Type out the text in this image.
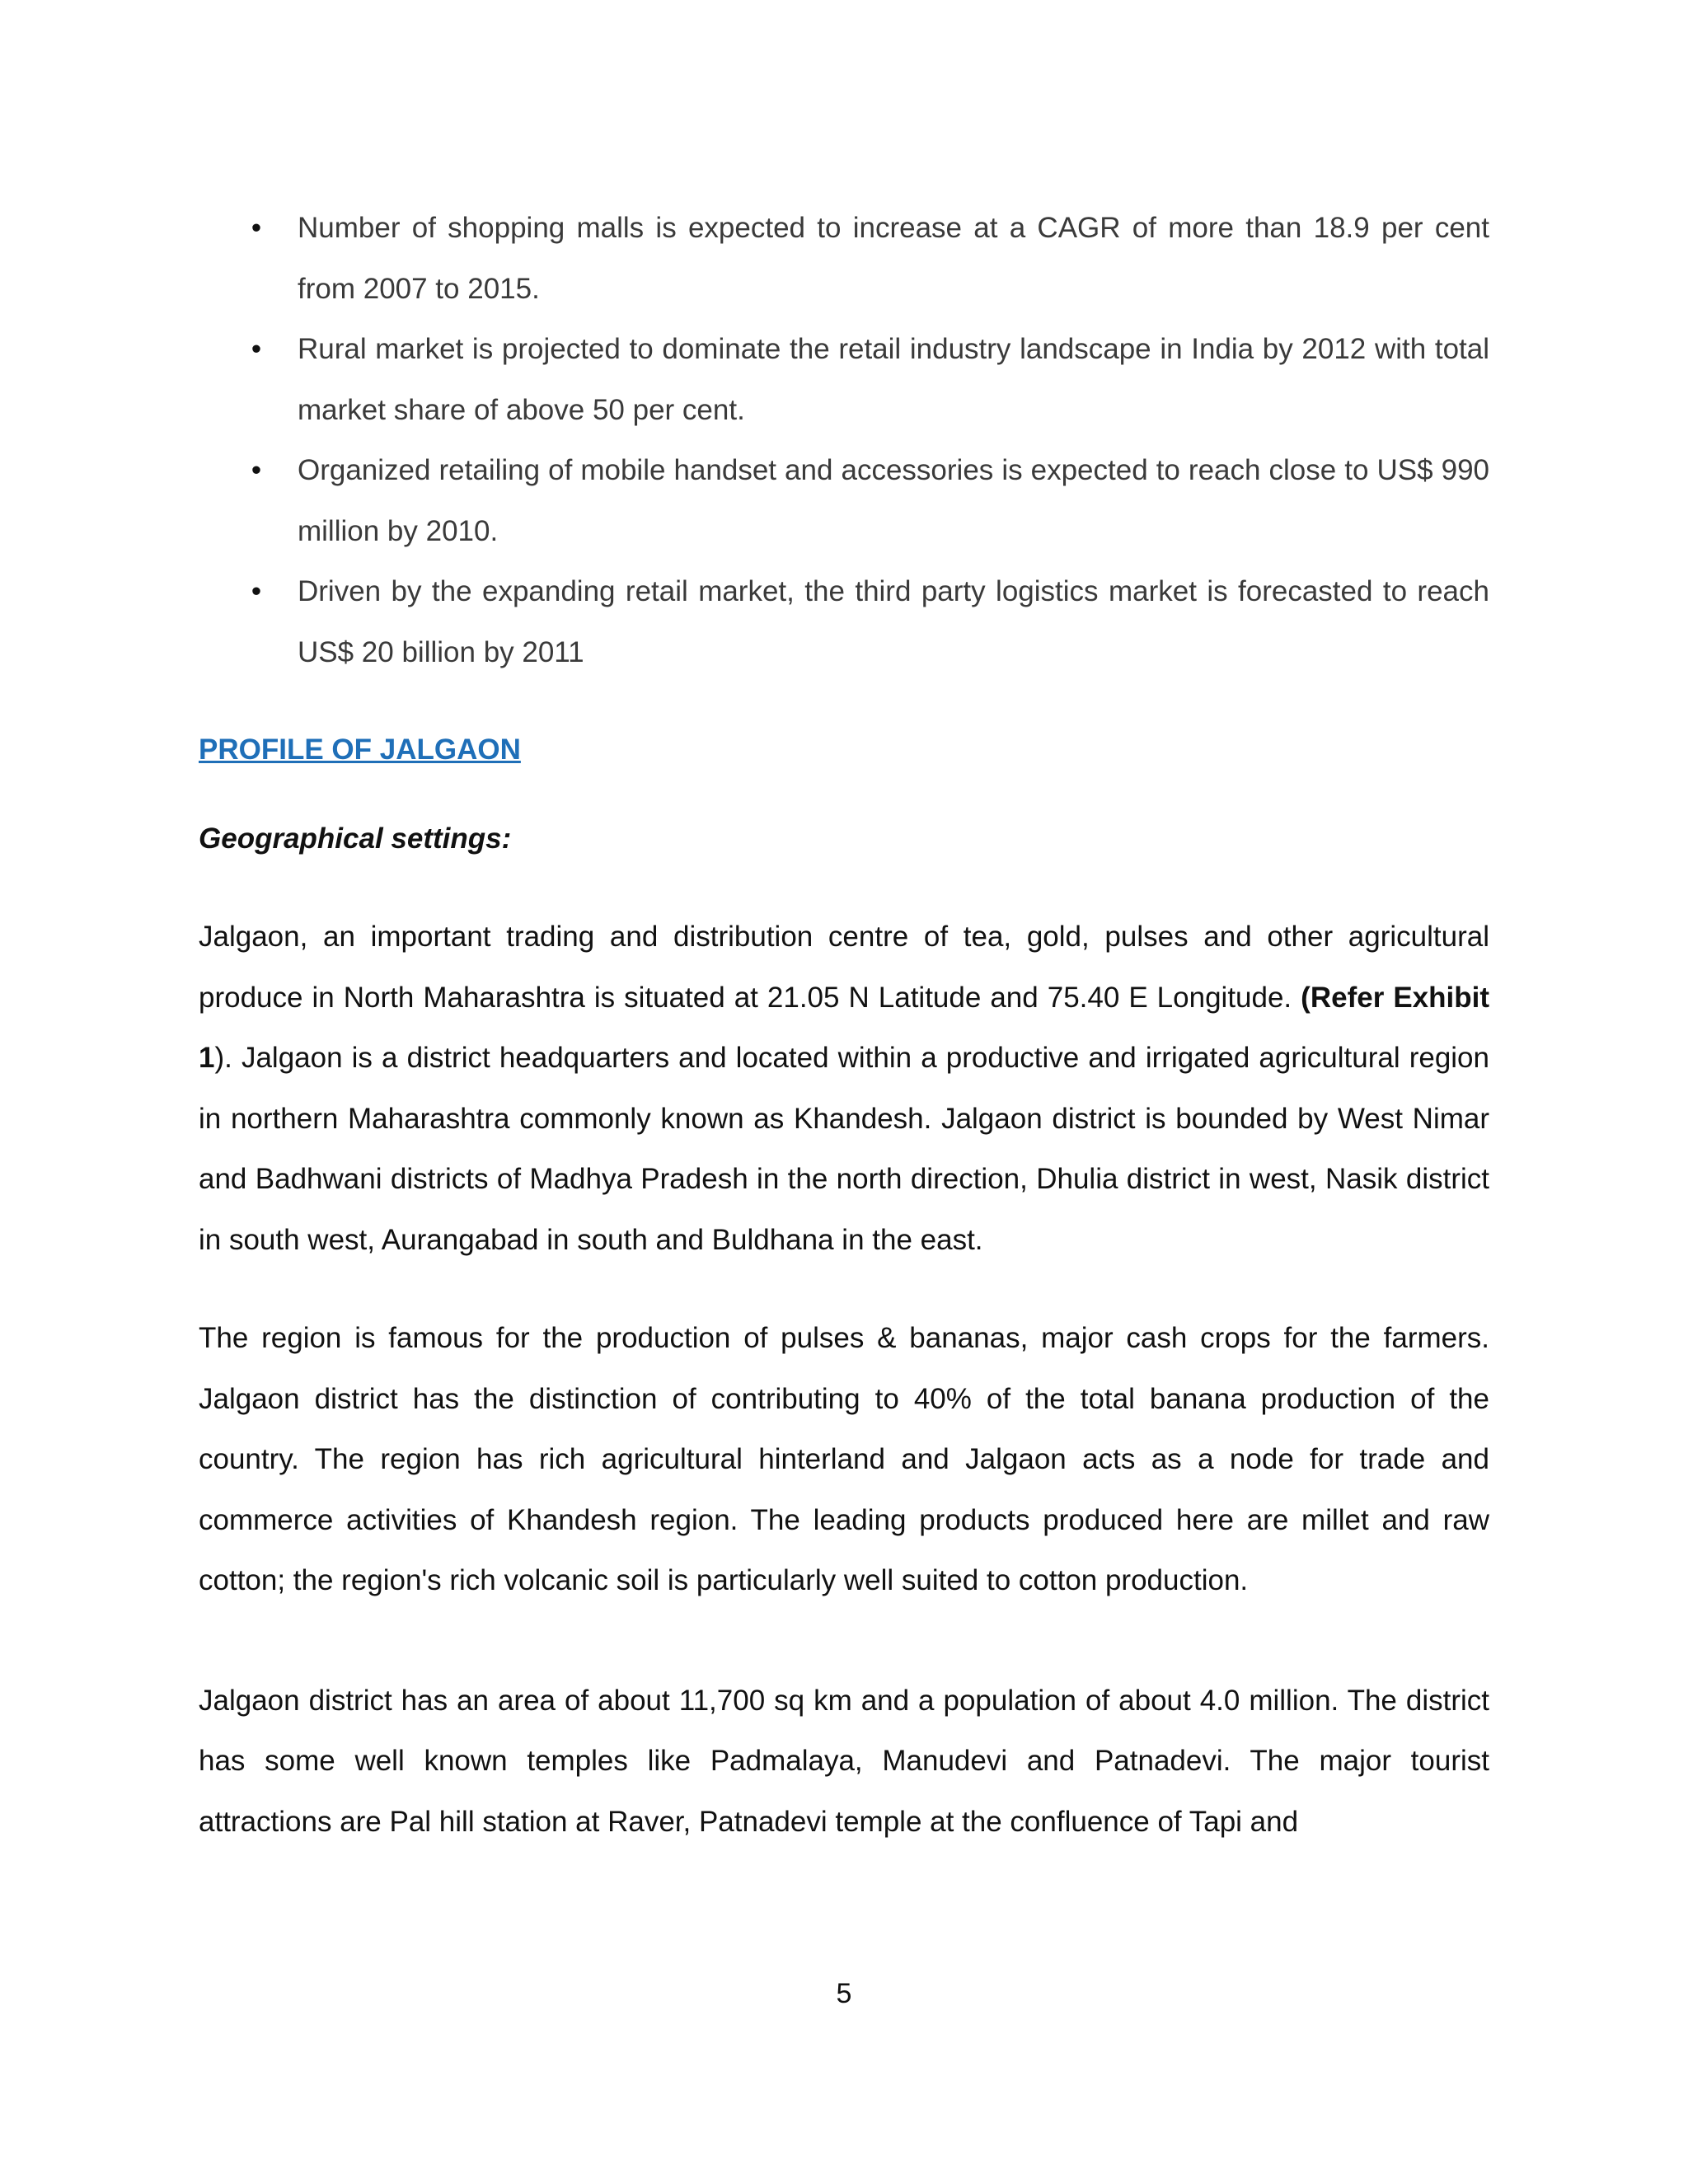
• Number of shopping malls is expected to increase at a CAGR of more than 18.9 per cent from 2007 to 2015.
• Rural market is projected to dominate the retail industry landscape in India by 2012 with total market share of above 50 per cent.
• Organized retailing of mobile handset and accessories is expected to reach close to US$ 990 million by 2010.
• Driven by the expanding retail market, the third party logistics market is forecasted to reach US$ 20 billion by 2011
PROFILE OF JALGAON
Geographical settings:

Jalgaon, an important trading and distribution centre of tea, gold, pulses and other agricultural produce in North Maharashtra is situated at 21.05 N Latitude and 75.40 E Longitude. (Refer Exhibit 1). Jalgaon is a district headquarters and located within a productive and irrigated agricultural region in northern Maharashtra commonly known as Khandesh. Jalgaon district is bounded by West Nimar and Badhwani districts of Madhya Pradesh in the north direction, Dhulia district in west, Nasik district in south west, Aurangabad in south and Buldhana in the east.

The region is famous for the production of pulses & bananas, major cash crops for the farmers. Jalgaon district has the distinction of contributing to 40% of the total banana production of the country. The region has rich agricultural hinterland and Jalgaon acts as a node for trade and commerce activities of Khandesh region. The leading products produced here are millet and raw cotton; the region's rich volcanic soil is particularly well suited to cotton production.

Jalgaon district has an area of about 11,700 sq km and a population of about 4.0 million. The district has some well known temples like Padmalaya, Manudevi and Patnadevi. The major tourist attractions are Pal hill station at Raver, Patnadevi temple at the confluence of Tapi and

5
